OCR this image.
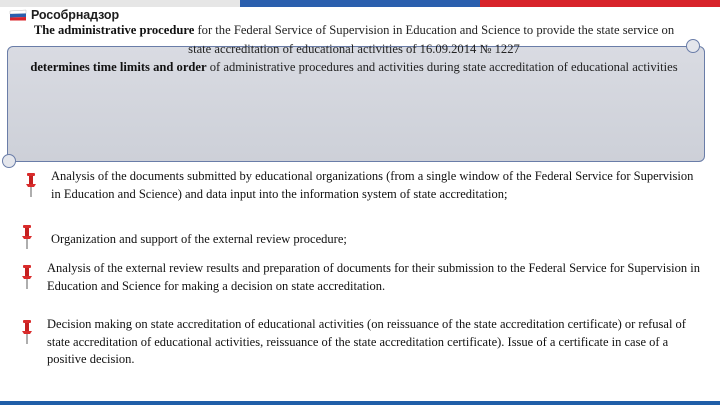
Рособрнадзор
The administrative procedure for the Federal Service of Supervision in Education and Science to provide the state service on state accreditation of educational activities of 16.09.2014 № 1227
determines time limits and order of administrative procedures and activities during state accreditation of educational activities
Analysis of the documents submitted by educational organizations (from a single window of the Federal Service for Supervision in Education and Science) and data input into the information system of state accreditation;
Organization and support of the external review procedure;
Analysis of the external review results and preparation of documents for their submission to the Federal Service for Supervision in Education and Science for making a decision on state accreditation.
Decision making on state accreditation of educational activities (on reissuance of the state accreditation certificate) or refusal of state accreditation of educational activities, reissuance of the state accreditation certificate). Issue of a certificate in case of a positive decision.
